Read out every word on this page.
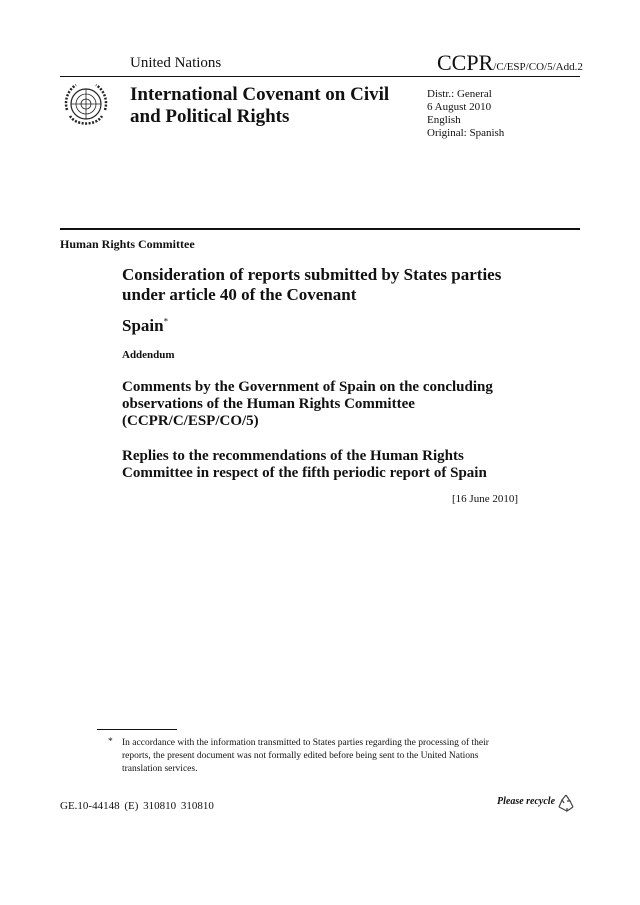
United Nations	CCPR/C/ESP/CO/5/Add.2
International Covenant on Civil and Political Rights
Distr.: General
6 August 2010
English
Original: Spanish
Human Rights Committee
Consideration of reports submitted by States parties under article 40 of the Covenant
Spain*
Addendum
Comments by the Government of Spain on the concluding observations of the Human Rights Committee (CCPR/C/ESP/CO/5)
Replies to the recommendations of the Human Rights Committee in respect of the fifth periodic report of Spain
[16 June 2010]
* In accordance with the information transmitted to States parties regarding the processing of their reports, the present document was not formally edited before being sent to the United Nations translation services.
GE.10-44148 (E) 310810 310810	Please recycle
